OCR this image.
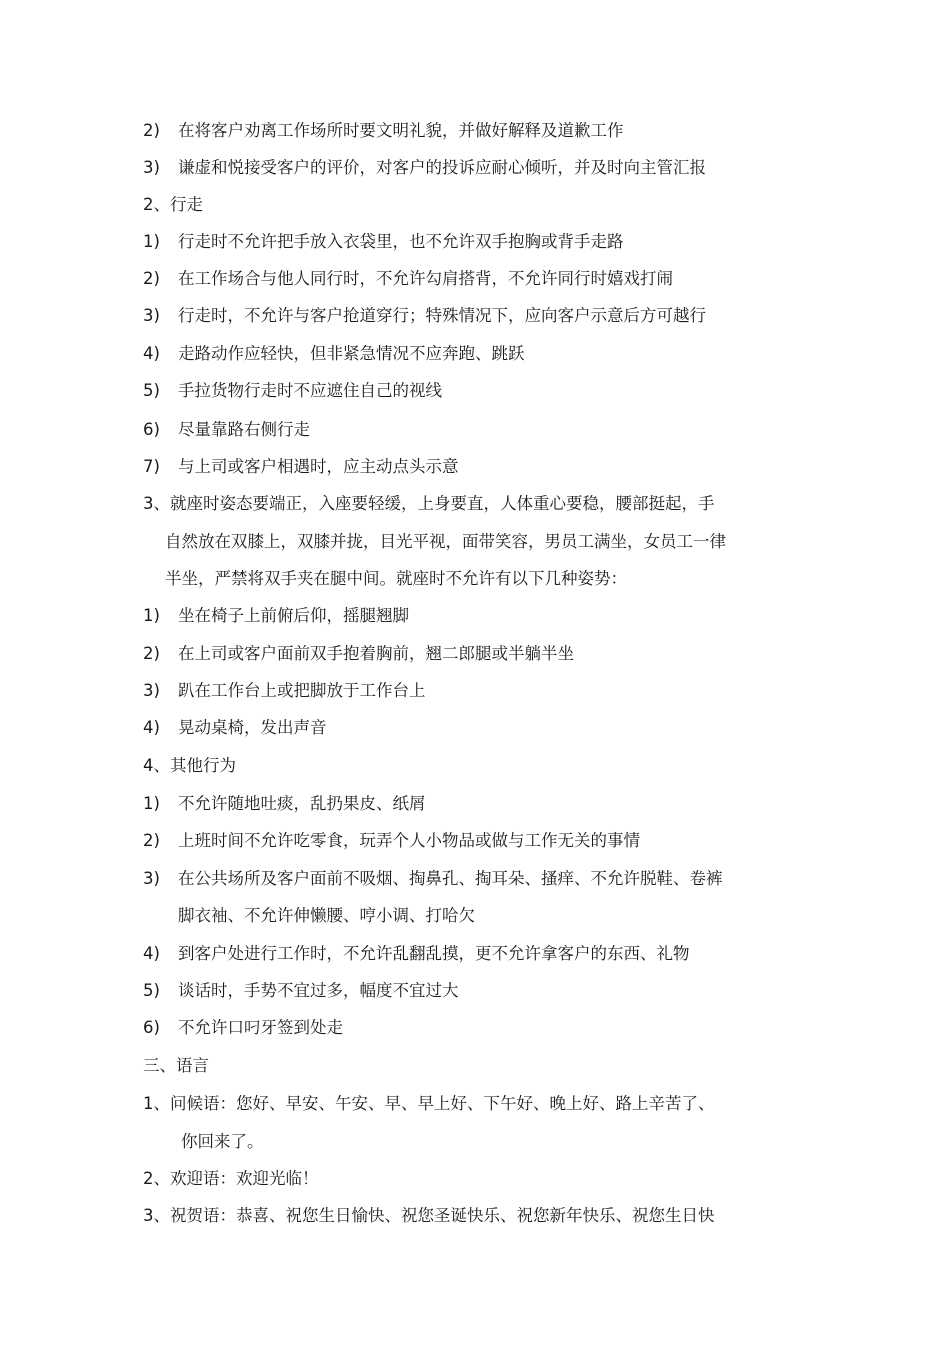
2) 在将客户劝离工作场所时要文明礼貌，并做好解释及道歉工作
3) 谦虚和悦接受客户的评价，对客户的投诉应耐心倾听，并及时向主管汇报
2、行走
1) 行走时不允许把手放入衣袋里，也不允许双手抱胸或背手走路
2) 在工作场合与他人同行时，不允许勾肩搭背，不允许同行时嬉戏打闹
3) 行走时，不允许与客户抢道穿行；特殊情况下，应向客户示意后方可越行
4) 走路动作应轻快，但非紧急情况不应奔跑、跳跃
5) 手拉货物行走时不应遮住自己的视线
6) 尽量靠路右侧行走
7) 与上司或客户相遇时，应主动点头示意
3、就座时姿态要端正，入座要轻缓，上身要直，人体重心要稳，腰部挺起，手
自然放在双膝上，双膝并拢，目光平视，面带笑容，男员工满坐，女员工一律
半坐，严禁将双手夹在腿中间。就座时不允许有以下几种姿势：
1) 坐在椅子上前俯后仰，摇腿翘脚
2) 在上司或客户面前双手抱着胸前，翘二郎腿或半躺半坐
3) 趴在工作台上或把脚放于工作台上
4) 晃动桌椅，发出声音
4、其他行为
1) 不允许随地吐痰，乱扔果皮、纸屑
2) 上班时间不允许吃零食，玩弄个人小物品或做与工作无关的事情
3) 在公共场所及客户面前不吸烟、掏鼻孔、掏耳朵、搔痒、不允许脱鞋、卷裤
脚衣袖、不允许伸懒腰、哼小调、打哈欠
4) 到客户处进行工作时，不允许乱翻乱摸，更不允许拿客户的东西、礼物
5) 谈话时，手势不宜过多，幅度不宜过大
6) 不允许口叼牙签到处走
三、语言
1、问候语：您好、早安、午安、早、早上好、下午好、晚上好、路上辛苦了、
你回来了。
2、欢迎语：欢迎光临！
3、祝贺语：恭喜、祝您生日愉快、祝您圣诞快乐、祝您新年快乐、祝您生日快
